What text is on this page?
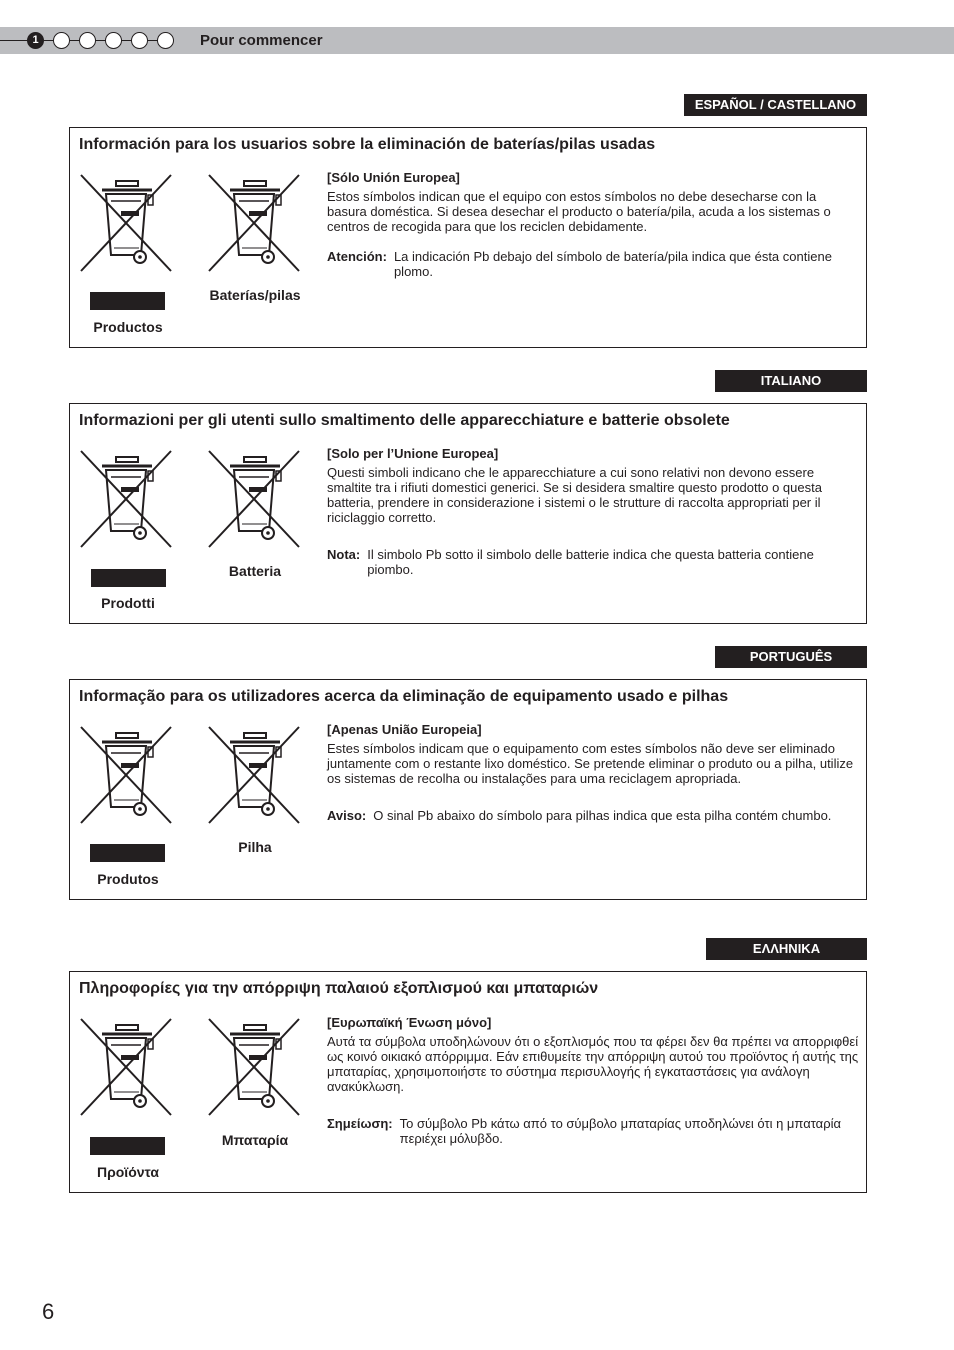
1	Pour commencer
ESPAÑOL / CASTELLANO
Información para los usuarios sobre la eliminación de baterías/pilas usadas
Productos
Baterías/pilas

[Sólo Unión Europea]

Estos símbolos indican que el equipo con estos símbolos no debe desecharse con la basura doméstica. Si desea desechar el producto o batería/pila, acuda a los sistemas o centros de recogida para que los reciclen debidamente.

Atención: La indicación Pb debajo del símbolo de batería/pila indica que ésta contiene plomo.
ITALIANO
Informazioni per gli utenti sullo smaltimento delle apparecchiature e batterie obsolete
Prodotti
Batteria

[Solo per l’Unione Europea]

Questi simboli indicano che le apparecchiature a cui sono relativi non devono essere smaltite tra i rifiuti domestici generici. Se si desidera smaltire questo prodotto o questa batteria, prendere in considerazione i sistemi o le strutture di raccolta appropriati per il riciclaggio corretto.

Nota: Il simbolo Pb sotto il simbolo delle batterie indica che questa batteria contiene piombo.
PORTUGUÊS
Informação para os utilizadores acerca da eliminação de equipamento usado e pilhas
Produtos
Pilha

[Apenas União Europeia]

Estes símbolos indicam que o equipamento com estes símbolos não deve ser eliminado juntamente com o restante lixo doméstico. Se pretende eliminar o produto ou a pilha, utilize os sistemas de recolha ou instalações para uma reciclagem apropriada.

Aviso: O sinal Pb abaixo do símbolo para pilhas indica que esta pilha contém chumbo.
ΕΛΛΗΝΙΚΑ
Πληροφορίες για την απόρριψη παλαιού εξοπλισμού και μπαταριών
Προϊόντα
Μπαταρία

[Ευρωπαϊκή Ένωση μόνο]

Αυτά τα σύμβολα υποδηλώνουν ότι ο εξοπλισμός που τα φέρει δεν θα πρέπει να απορριφθεί ως κοινό οικιακό απόρριμμα. Εάν επιθυμείτε την απόρριψη αυτού του προϊόντος ή αυτής της μπαταρίας, χρησιμοποιήστε το σύστημα περισυλλογής ή εγκαταστάσεις για ανάλογη ανακύκλωση.

Σημείωση: Το σύμβολο Pb κάτω από το σύμβολο μπαταρίας υποδηλώνει ότι η μπαταρία περιέχει μόλυβδο.
6
